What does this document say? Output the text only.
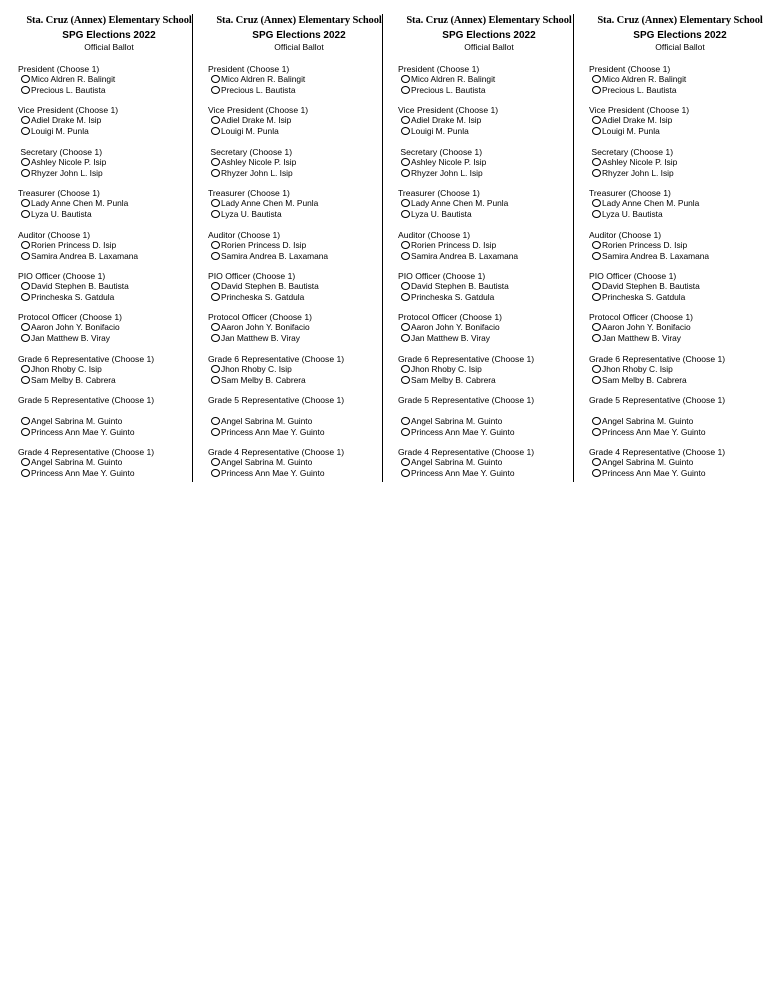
Sta. Cruz (Annex) Elementary School
SPG Elections 2022
Official Ballot
President (Choose 1)
Mico Aldren R. Balingit
Precious L. Bautista
Vice President (Choose 1)
Adiel Drake M. Isip
Louigi M. Punla
Secretary (Choose 1)
Ashley Nicole P. Isip
Rhyzer John L. Isip
Treasurer (Choose 1)
Lady Anne Chen M. Punla
Lyza U. Bautista
Auditor (Choose 1)
Rorien Princess D. Isip
Samira Andrea B. Laxamana
PIO Officer (Choose 1)
David Stephen B. Bautista
Princheska S. Gatdula
Protocol Officer (Choose 1)
Aaron John Y. Bonifacio
Jan Matthew B. Viray
Grade 6 Representative (Choose 1)
Jhon Rhoby C. Isip
Sam Melby B. Cabrera
Grade 5 Representative (Choose 1)
Angel Sabrina M. Guinto
Princess Ann Mae Y. Guinto
Grade 4 Representative (Choose 1)
Angel Sabrina M. Guinto
Princess Ann Mae Y. Guinto
Sta. Cruz (Annex) Elementary School
SPG Elections 2022
Official Ballot
President (Choose 1)
Mico Aldren R. Balingit
Precious L. Bautista
Vice President (Choose 1)
Adiel Drake M. Isip
Louigi M. Punla
Secretary (Choose 1)
Ashley Nicole P. Isip
Rhyzer John L. Isip
Treasurer (Choose 1)
Lady Anne Chen M. Punla
Lyza U. Bautista
Auditor (Choose 1)
Rorien Princess D. Isip
Samira Andrea B. Laxamana
PIO Officer (Choose 1)
David Stephen B. Bautista
Princheska S. Gatdula
Protocol Officer (Choose 1)
Aaron John Y. Bonifacio
Jan Matthew B. Viray
Grade 6 Representative (Choose 1)
Jhon Rhoby C. Isip
Sam Melby B. Cabrera
Grade 5 Representative (Choose 1)
Angel Sabrina M. Guinto
Princess Ann Mae Y. Guinto
Grade 4 Representative (Choose 1)
Angel Sabrina M. Guinto
Princess Ann Mae Y. Guinto
Sta. Cruz (Annex) Elementary School
SPG Elections 2022
Official Ballot
President (Choose 1)
Mico Aldren R. Balingit
Precious L. Bautista
Vice President (Choose 1)
Adiel Drake M. Isip
Louigi M. Punla
Secretary (Choose 1)
Ashley Nicole P. Isip
Rhyzer John L. Isip
Treasurer (Choose 1)
Lady Anne Chen M. Punla
Lyza U. Bautista
Auditor (Choose 1)
Rorien Princess D. Isip
Samira Andrea B. Laxamana
PIO Officer (Choose 1)
David Stephen B. Bautista
Princheska S. Gatdula
Protocol Officer (Choose 1)
Aaron John Y. Bonifacio
Jan Matthew B. Viray
Grade 6 Representative (Choose 1)
Jhon Rhoby C. Isip
Sam Melby B. Cabrera
Grade 5 Representative (Choose 1)
Angel Sabrina M. Guinto
Princess Ann Mae Y. Guinto
Grade 4 Representative (Choose 1)
Angel Sabrina M. Guinto
Princess Ann Mae Y. Guinto
Sta. Cruz (Annex) Elementary School
SPG Elections 2022
Official Ballot
President (Choose 1)
Mico Aldren R. Balingit
Precious L. Bautista
Vice President (Choose 1)
Adiel Drake M. Isip
Louigi M. Punla
Secretary (Choose 1)
Ashley Nicole P. Isip
Rhyzer John L. Isip
Treasurer (Choose 1)
Lady Anne Chen M. Punla
Lyza U. Bautista
Auditor (Choose 1)
Rorien Princess D. Isip
Samira Andrea B. Laxamana
PIO Officer (Choose 1)
David Stephen B. Bautista
Princheska S. Gatdula
Protocol Officer (Choose 1)
Aaron John Y. Bonifacio
Jan Matthew B. Viray
Grade 6 Representative (Choose 1)
Jhon Rhoby C. Isip
Sam Melby B. Cabrera
Grade 5 Representative (Choose 1)
Angel Sabrina M. Guinto
Princess Ann Mae Y. Guinto
Grade 4 Representative (Choose 1)
Angel Sabrina M. Guinto
Princess Ann Mae Y. Guinto
